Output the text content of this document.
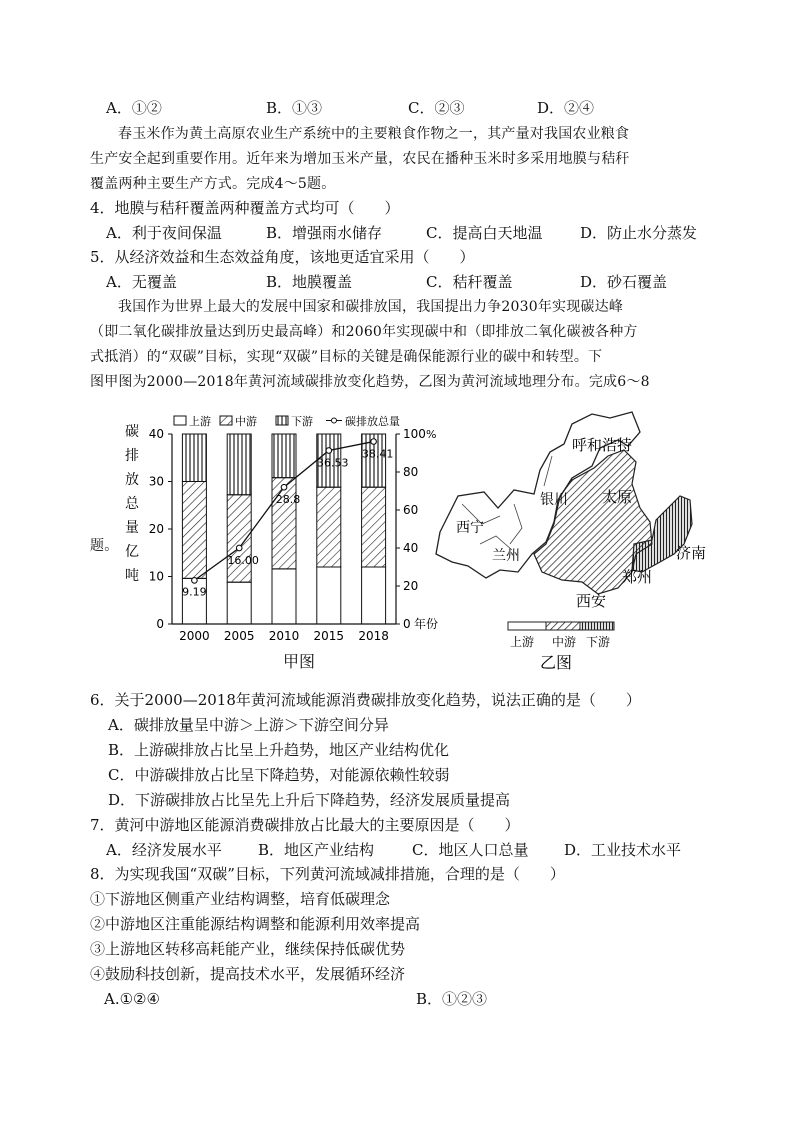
A．①②	B．①③	C．②③	D．②④
春玉米作为黄土高原农业生产系统中的主要粮食作物之一，其产量对我国农业粮食
生产安全起到重要作用。近年来为增加玉米产量，农民在播种玉米时多采用地膜与秸秆
覆盖两种主要生产方式。完成4～5题。
4．地膜与秸秆覆盖两种覆盖方式均可（　　）
A．利于夜间保温	B．增强雨水储存	C．提高白天地温	D．防止水分蒸发
5．从经济效益和生态效益角度，该地更适宜采用（　　）
A．无覆盖	B．地膜覆盖	C．秸秆覆盖	D．砂石覆盖
我国作为世界上最大的发展中国家和碳排放国，我国提出力争2030年实现碳达峰
（即二氧化碳排放量达到历史最高峰）和2060年实现碳中和（即排放二氧化碳被各种方
式抵消）的“双碳”目标，实现“双碳”目标的关键是确保能源行业的碳中和转型。下
图甲图为2000—2018年黄河流域碳排放变化趋势，乙图为黄河流域地理分布。完成6～8
题。
9.19
16.00
28.8
36.53
38.41
0
10
20
30
40
0
20
40
60
80
100
碳
排
放
总
量
亿
吨
年份
%
2000 2005 2010 2015 2018
上游 中游	下游	碳排放总量
甲图
呼和浩特
银川 太原
西宁
兰州	济南
郑州
西安
上游 中游 下游
乙图
6．关于2000—2018年黄河流域能源消费碳排放变化趋势，说法正确的是（　　）
A．碳排放量呈中游＞上游＞下游空间分异
B．上游碳排放占比呈上升趋势，地区产业结构优化
C．中游碳排放占比呈下降趋势，对能源依赖性较弱
D．下游碳排放占比呈先上升后下降趋势，经济发展质量提高
7．黄河中游地区能源消费碳排放占比最大的主要原因是（　　）
A．经济发展水平 B．地区产业结构	C．地区人口总量 D．工业技术水平
8．为实现我国“双碳”目标，下列黄河流域减排措施，合理的是（　　）
①下游地区侧重产业结构调整，培育低碳理念
②中游地区注重能源结构调整和能源利用效率提高
③上游地区转移高耗能产业，继续保持低碳优势
④鼓励科技创新，提高技术水平，发展循环经济
A.①②④	B．①②③
